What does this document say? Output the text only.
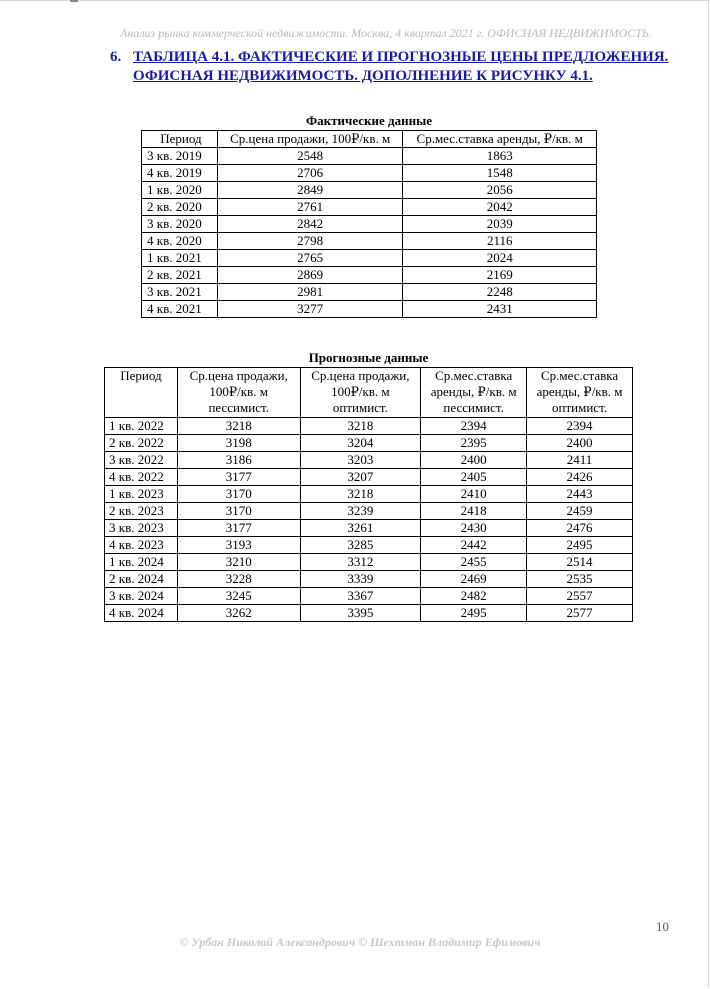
Анализ рынка коммерческой недвижимости. Москва, 4 квартал 2021 г. ОФИСНАЯ НЕДВИЖИМОСТЬ.
6. ТАБЛИЦА 4.1. ФАКТИЧЕСКИЕ И ПРОГНОЗНЫЕ ЦЕНЫ ПРЕДЛОЖЕНИЯ.
ОФИСНАЯ НЕДВИЖИМОСТЬ. ДОПОЛНЕНИЕ К РИСУНКУ 4.1.
Фактические данные
Период	Ср.цена продажи, 100₽/кв. м	Ср.мес.ставка аренды, ₽/кв. м
3 кв. 2019	2548	1863
4 кв. 2019	2706	1548
1 кв. 2020	2849	2056
2 кв. 2020	2761	2042
3 кв. 2020	2842	2039
4 кв. 2020	2798	2116
1 кв. 2021	2765	2024
2 кв. 2021	2869	2169
3 кв. 2021	2981	2248
4 кв. 2021	3277	2431
Прогнозные данные
Период	Ср.цена продажи, 100₽/кв. м пессимист.	Ср.цена продажи, 100₽/кв. м оптимист.	Ср.мес.ставка аренды, ₽/кв. м пессимист.	Ср.мес.ставка аренды, ₽/кв. м оптимист.
1 кв. 2022	3218	3218	2394	2394
2 кв. 2022	3198	3204	2395	2400
3 кв. 2022	3186	3203	2400	2411
4 кв. 2022	3177	3207	2405	2426
1 кв. 2023	3170	3218	2410	2443
2 кв. 2023	3170	3239	2418	2459
3 кв. 2023	3177	3261	2430	2476
4 кв. 2023	3193	3285	2442	2495
1 кв. 2024	3210	3312	2455	2514
2 кв. 2024	3228	3339	2469	2535
3 кв. 2024	3245	3367	2482	2557
4 кв. 2024	3262	3395	2495	2577
10
© Урбан Николай Александрович © Шехтман Владимир Ефимович
